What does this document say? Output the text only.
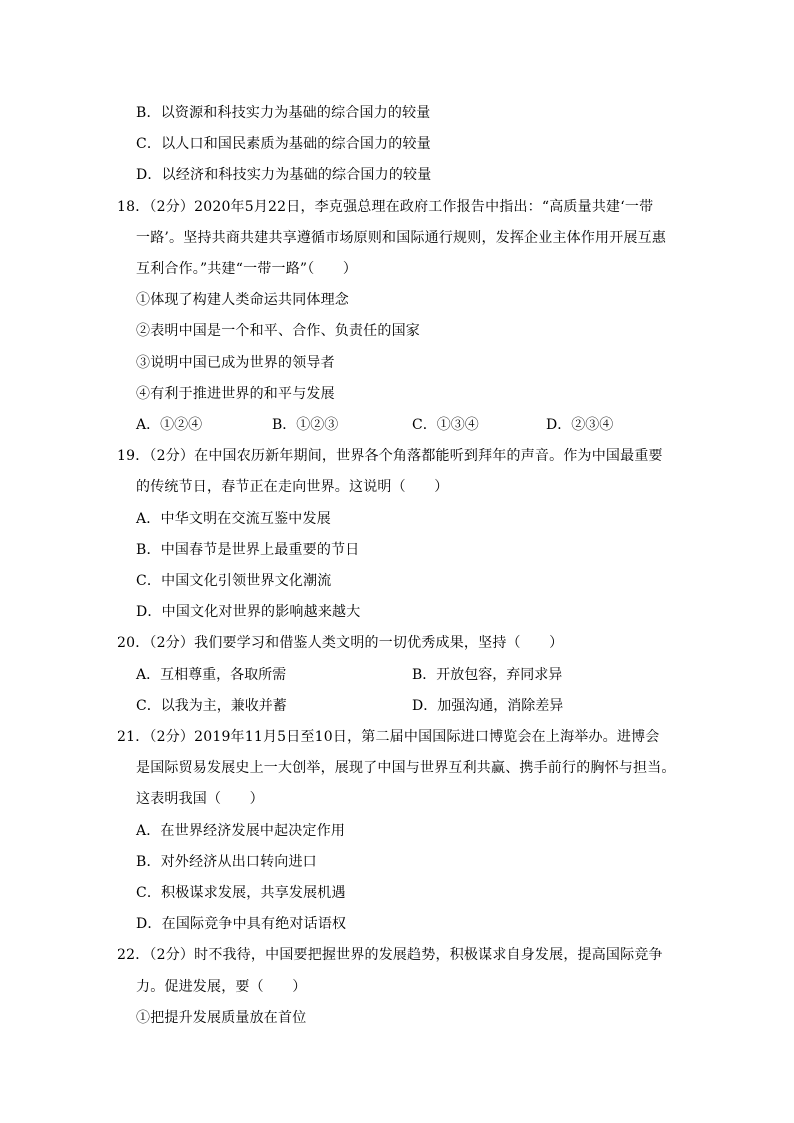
B．以资源和科技实力为基础的综合国力的较量
C．以人口和国民素质为基础的综合国力的较量
D．以经济和科技实力为基础的综合国力的较量
18．（2分）2020年5月22日，李克强总理在政府工作报告中指出：“高质量共建‘一带
一路’。坚持共商共建共享遵循市场原则和国际通行规则，发挥企业主体作用开展互惠
互利合作。”共建“一带一路”（　　）
①体现了构建人类命运共同体理念
②表明中国是一个和平、合作、负责任的国家
③说明中国已成为世界的领导者
④有利于推进世界的和平与发展
A．①②④	B．①②③	C．①③④	D．②③④
19．（2分）在中国农历新年期间，世界各个角落都能听到拜年的声音。作为中国最重要
的传统节日，春节正在走向世界。这说明（　　）
A．中华文明在交流互鉴中发展
B．中国春节是世界上最重要的节日
C．中国文化引领世界文化潮流
D．中国文化对世界的影响越来越大
20．（2分）我们要学习和借鉴人类文明的一切优秀成果，坚持（　　）
A．互相尊重，各取所需	B．开放包容，弃同求异
C．以我为主，兼收并蓄	D．加强沟通，消除差异
21．（2分）2019年11月5日至10日，第二届中国国际进口博览会在上海举办。进博会
是国际贸易发展史上一大创举，展现了中国与世界互利共赢、携手前行的胸怀与担当。
这表明我国（　　）
A．在世界经济发展中起决定作用
B．对外经济从出口转向进口
C．积极谋求发展，共享发展机遇
D．在国际竞争中具有绝对话语权
22．（2分）时不我待，中国要把握世界的发展趋势，积极谋求自身发展，提高国际竞争
力。促进发展，要（　　）
①把提升发展质量放在首位
